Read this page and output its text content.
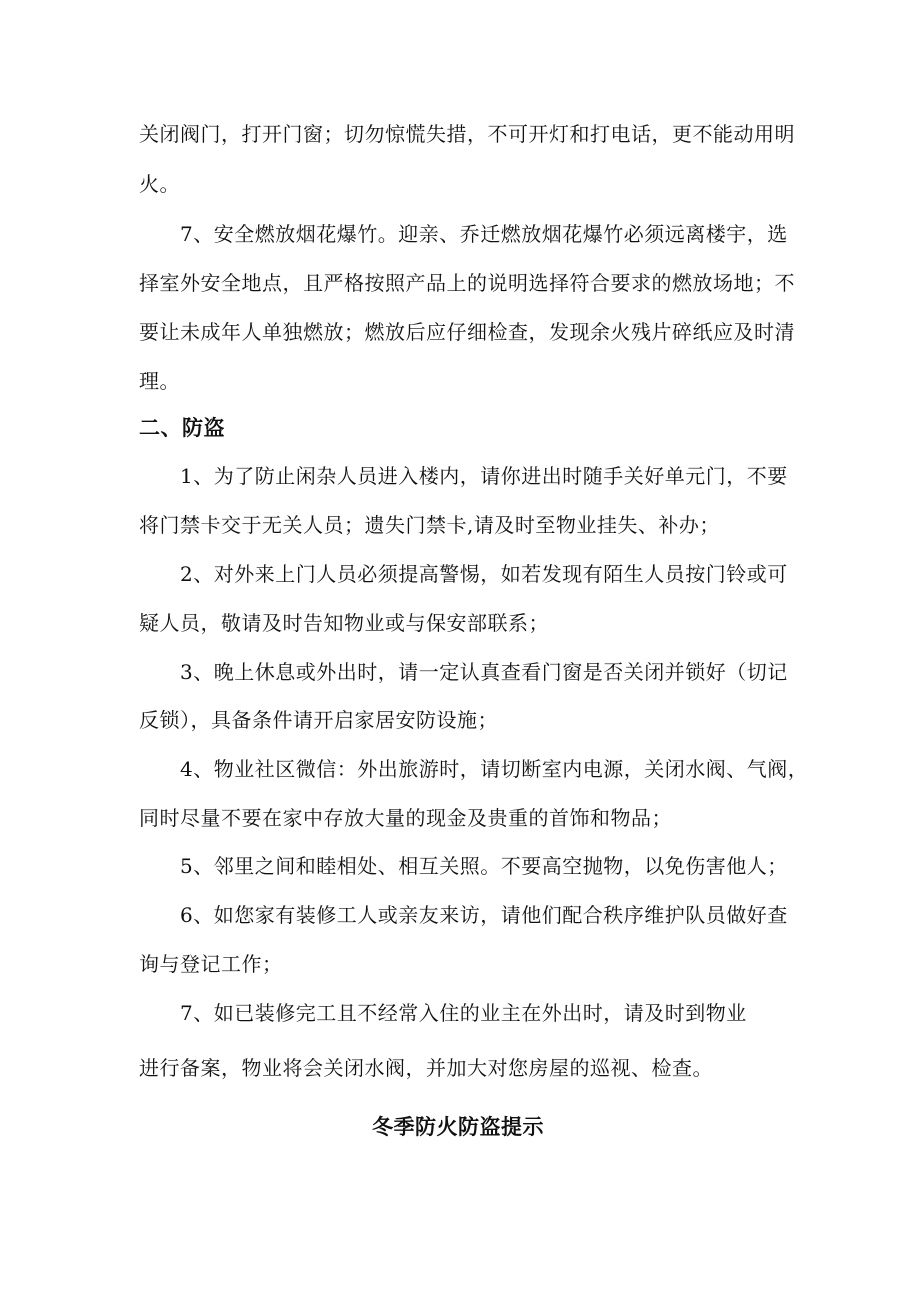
关闭阀门，打开门窗；切勿惊慌失措，不可开灯和打电话，更不能动用明
火。
7、安全燃放烟花爆竹。迎亲、乔迁燃放烟花爆竹必须远离楼宇，选
择室外安全地点，且严格按照产品上的说明选择符合要求的燃放场地；不
要让未成年人单独燃放；燃放后应仔细检查，发现余火残片碎纸应及时清
理。
二、防盗
1、为了防止闲杂人员进入楼内，请你进出时随手关好单元门，不要
将门禁卡交于无关人员；遗失门禁卡,请及时至物业挂失、补办；
2、对外来上门人员必须提高警惕，如若发现有陌生人员按门铃或可
疑人员，敬请及时告知物业或与保安部联系；
3、晚上休息或外出时，请一定认真查看门窗是否关闭并锁好（切记
反锁），具备条件请开启家居安防设施；
4、物业社区微信：外出旅游时，请切断室内电源，关闭水阀、气阀，
同时尽量不要在家中存放大量的现金及贵重的首饰和物品；
5、邻里之间和睦相处、相互关照。不要高空抛物，以免伤害他人；
6、如您家有装修工人或亲友来访，请他们配合秩序维护队员做好查
询与登记工作；
7、如已装修完工且不经常入住的业主在外出时，请及时到物业
进行备案，物业将会关闭水阀，并加大对您房屋的巡视、检查。
冬季防火防盗提示
